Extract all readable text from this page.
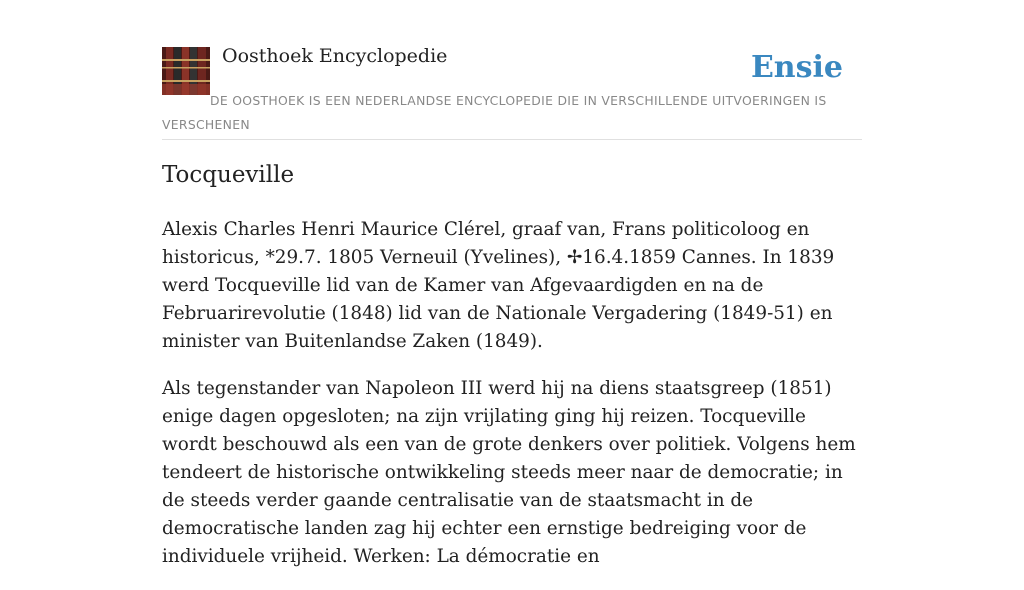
Oosthoek Encyclopedie	Ensie
DE OOSTHOEK IS EEN NEDERLANDSE ENCYCLOPEDIE DIE IN VERSCHILLENDE UITVOERINGEN IS VERSCHENEN
Tocqueville

Alexis Charles Henri Maurice Clérel, graaf van, Frans politicoloog en historicus, *29.7. 1805 Verneuil (Yvelines), ✢16.4.1859 Cannes. In 1839 werd Tocqueville lid van de Kamer van Afgevaardigden en na de Februarirevolutie (1848) lid van de Nationale Vergadering (1849-51) en minister van Buitenlandse Zaken (1849).

Als tegenstander van Napoleon III werd hij na diens staatsgreep (1851) enige dagen opgesloten; na zijn vrijlating ging hij reizen. Tocqueville wordt beschouwd als een van de grote denkers over politiek. Volgens hem tendeert de historische ontwikkeling steeds meer naar de democratie; in de steeds verder gaande centralisatie van de staatsmacht in de democratische landen zag hij echter een ernstige bedreiging voor de individuele vrijheid. Werken: La démocratie en
